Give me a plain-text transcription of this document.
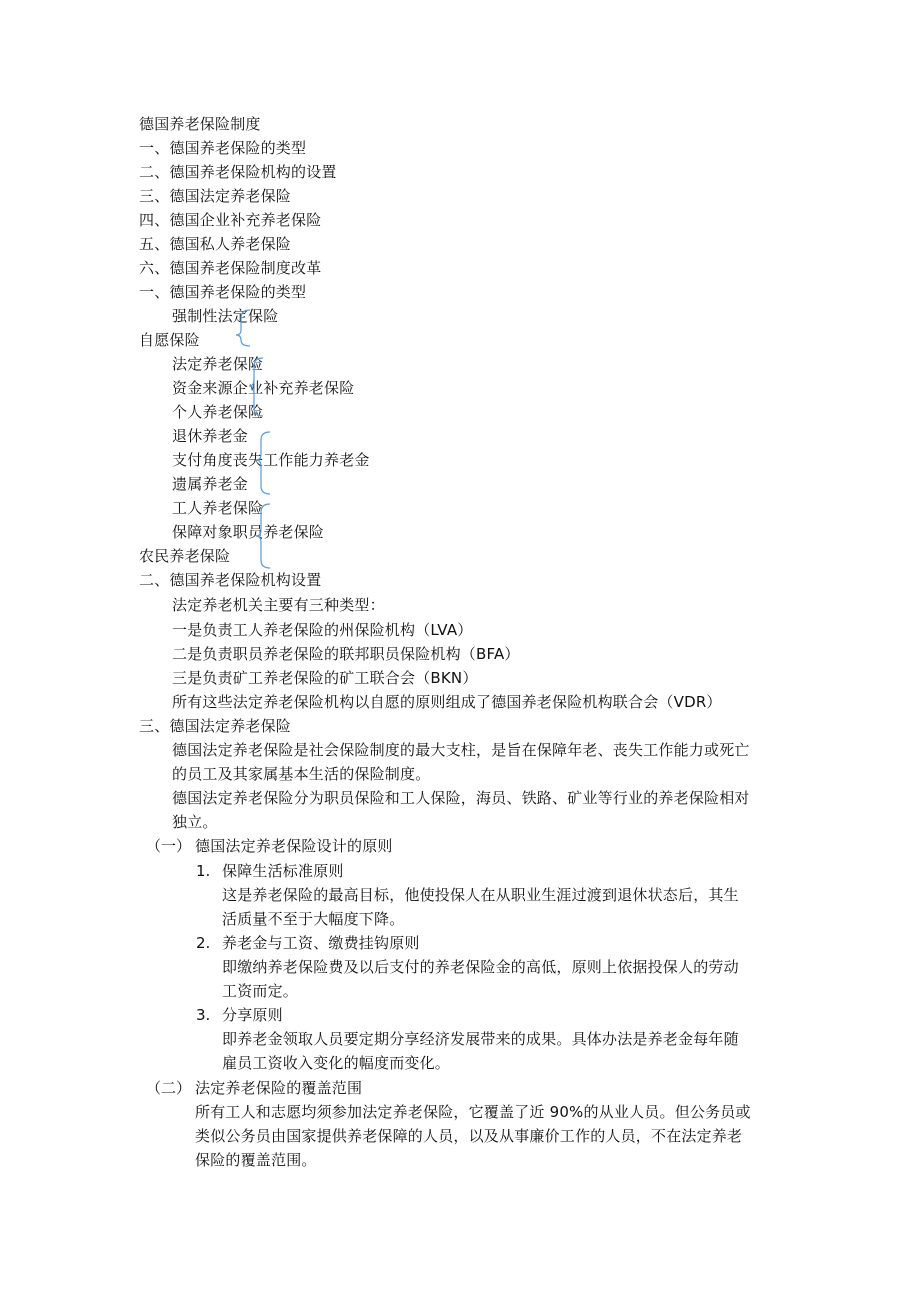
德国养老保险制度
一、德国养老保险的类型
二、德国养老保险机构的设置
三、德国法定养老保险
四、德国企业补充养老保险
五、德国私人养老保险
六、德国养老保险制度改革
一、德国养老保险的类型
强制性法定保险
自愿保险
法定养老保险
资金来源企业补充养老保险
个人养老保险
退休养老金
支付角度丧失工作能力养老金
遗属养老金
工人养老保险
保障对象职员养老保险
农民养老保险
二、德国养老保险机构设置
法定养老机关主要有三种类型：
一是负责工人养老保险的州保险机构（LVA）
二是负责职员养老保险的联邦职员保险机构（BFA）
三是负责矿工养老保险的矿工联合会（BKN）
所有这些法定养老保险机构以自愿的原则组成了德国养老保险机构联合会（VDR）
三、德国法定养老保险
德国法定养老保险是社会保险制度的最大支柱，是旨在保障年老、丧失工作能力或死亡
的员工及其家属基本生活的保险制度。
德国法定养老保险分为职员保险和工人保险，海员、铁路、矿业等行业的养老保险相对
独立。
（一） 德国法定养老保险设计的原则
1. 保障生活标准原则
这是养老保险的最高目标，他使投保人在从职业生涯过渡到退休状态后，其生
活质量不至于大幅度下降。
2. 养老金与工资、缴费挂钩原则
即缴纳养老保险费及以后支付的养老保险金的高低，原则上依据投保人的劳动
工资而定。
3. 分享原则
即养老金领取人员要定期分享经济发展带来的成果。具体办法是养老金每年随
雇员工资收入变化的幅度而变化。
（二） 法定养老保险的覆盖范围
所有工人和志愿均须参加法定养老保险，它覆盖了近 90%的从业人员。但公务员或
类似公务员由国家提供养老保障的人员，以及从事廉价工作的人员，不在法定养老
保险的覆盖范围。
